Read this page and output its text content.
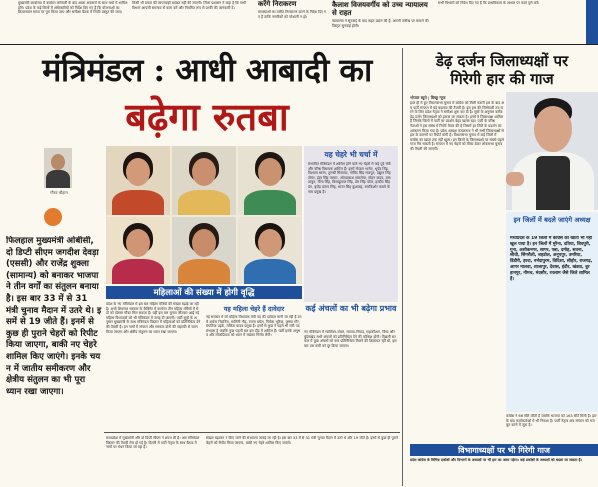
मुख्यमंत्री कार्यालय में कार्यरत कर्मचारी के बाद आला अफसरों के साथ चर्चा में शामिल होंगे। प्रदेश के कई जिलों में अधिकारियों को निर्देश दिए गए हैं कि योजनाओं का क्रियान्वयन समय पर पूरा किया जाए और समीक्षा बैठक में रिपोर्ट प्रस्तुत की जाए।
किसी भी प्रकार की लापरवाही बर्दाश्त नहीं की जाएगी। जिला प्रशासन ने कहा है कि सभी विभाग आपसी समन्वय से काम करें और नियमित रूप से प्रगति की जानकारी दें।	करेंगे निराकरण
समस्याओं का त्वरित निराकरण करने के निर्देश दिए गए हैं ताकि नागरिकों को परेशानी न हो।
कैलाश विजयवर्गीय को उच्च न्यायालय से राहत
न्यायालय ने सुनवाई के बाद राहत प्रदान की है, अगली तारीख पर मामले की विस्तृत सुनवाई होगी।
सभी विभागों को निर्देश दिए गए हैं कि प्राथमिकता के आधार पर कार्य पूर्ण करें।
मंत्रिमंडल : आधी आबादी का
बढ़ेगा रुतबा
गौरव चौहान
फिलहाल मुख्यमंत्री ओबीसी, दो डिप्टी सीएम जगदीश देवड़ा (एससी) और राजेंद्र शुक्ला (सामान्य) को बनाकर भाजपा ने तीन वर्गों का संतुलन बनाया है। इस बार 33 में से 31 मंत्री चुनाव मैदान में उतरे थे। इसमें से 19 जीते हैं। इनमें से कुछ ही पुराने चेहरों को रिपीट किया जाएगा, बाकी नए चेहरे शामिल किए जाएंगे। इनके चयन में जातीय समीकरण और क्षेत्रीय संतुलन का भी पूरा ध्यान रखा जाएगा।
यह चेहरे भी चर्चा में
संभावित मंत्रिमंडल में शामिल होने वाले नए चेहरों में कई पूर्व मंत्री और वरिष्ठ विधायक शामिल हैं। इनमें गोपाल भार्गव, भूपेंद्र सिंह, विश्वास सारंग, तुलसी सिलावट, गोविंद सिंह राजपूत, प्रद्युम्न सिंह तोमर, इंदर सिंह परमार, ओमप्रकाश सकलेचा, मोहन यादव, उषा ठाकुर, मीना सिंह, बिसाहूलाल सिंह, प्रेम सिंह पटेल, हरदीप सिंह डंग, बृजेंद्र प्रताप सिंह, भारत सिंह कुशवाह, रामकिशोर कावरे के नाम प्रमुख हैं।
महिलाओं की संख्या में होगी वृद्धि
प्रदेश के नए मंत्रिमंडल में इस बार महिला मंत्रियों की संख्या बढ़ाई जा रही है। अभी शिवराज सरकार के कैबिनेट में कार्यरत तीन महिला मंत्रियों में से दो को दोबारा मौका मिल सकता है। वहीं इस बार चुनाव जीतकर आईं नई महिला विधायकों को भी मंत्रिमंडल में जगह दी जाएगी। पार्टी सूत्रों के अनुसार मुख्यमंत्री के साथ मंत्रिमंडल विस्तार में महिलाओं को प्रतिनिधित्व देने की तैयारी है। इन नामों में संगठन और सरकार दोनों की सहमति से चयन किया जाएगा और क्षेत्रीय संतुलन का ध्यान रखा जाएगा।
यह महिला चेहरे हैं दावेदार
नई सरकार में जो महिला विधायक मंत्री पद की दावेदार मानी जा रही हैं उनमें अर्चना चिटनिस, मालिनी गौड़, रंजना बघेल, निर्मला भूरिया, कृष्णा गौर, संपतिया उइके, ललिता यादव प्रमुख हैं। इनमें से कुछ ने पहले भी मंत्री पद संभाला है जबकि कुछ पहली बार इस दौड़ में शामिल हैं। पार्टी इनके अनुभव और लोकप्रियता को ध्यान में रखकर निर्णय लेगी।
कई अंचलों का भी बढ़ेगा प्रभाव
नए मंत्रिमंडल में ग्वालियर-चंबल, मालवा-निमाड़, महाकौशल, विंध्य और बुंदेलखंड सभी अंचलों को प्रतिनिधित्व देने की कोशिश होगी। पिछली सरकार में कुछ अंचलों को कम प्रतिनिधित्व मिलने की शिकायत रही थी, इस बार उस कमी को दूर किया जाएगा।
मध्यप्रदेश में मुख्यमंत्री और दो डिप्टी सीएम ने शपथ ली है। अब मंत्रिमंडल विस्तार की तैयारी तेज हो गई है। दिल्ली में पार्टी नेतृत्व के साथ बैठक में नामों पर मंथन किया जा रहा है।
संख्या बढ़ाकर 7 किए जाने की संभावना जताई जा रही है। इस बार 33 में से 31 मंत्री चुनाव मैदान में उतरे थे और 19 जीते हैं। इनमें से कुछ ही पुराने चेहरों को रिपीट किया जाएगा, बाकी नए चेहरे शामिल किए जाएंगे।
डेढ़ दर्जन जिलाध्यक्षों पर
गिरेगी हार की गाज
भोपाल ब्यूरो | बिच्छू न्यूज
हाल ही में हुए विधानसभा चुनाव में कांग्रेस को मिली करारी हार के बाद अब पार्टी संगठन में बड़े बदलाव की तैयारी है। इस हार की जिम्मेदारी तय करने के लिए प्रदेश नेतृत्व ने समीक्षा शुरू कर दी है। सूत्रों के अनुसार करीब डेढ़ दर्जन जिलाध्यक्षों को हटाया जा सकता है। इनमें वे जिलाध्यक्ष शामिल हैं जिनके जिलों में पार्टी का प्रदर्शन बेहद खराब रहा। पार्टी के वरिष्ठ नेताओं ने इस संबंध में रिपोर्ट तैयार की है जिसमें हर जिले के प्रदर्शन का आकलन किया गया है। प्रदेश अध्यक्ष कमलनाथ ने भी सभी जिलाध्यक्षों से हार के कारणों पर रिपोर्ट मांगी है। विधानसभा चुनाव में कई जिलों में कांग्रेस का खाता तक नहीं खुला। इन जिलों के जिलाध्यक्षों पर सबसे पहले गाज गिर सकती है। संगठन में नए चेहरों को मौका देकर लोकसभा चुनाव की तैयारी की जाएगी।
इन जिलों में बदले जाएंगे अध्यक्ष
मध्यप्रदेश के 19 जिलों में कांग्रेस का खाता भी नहीं खुल पाया है। इन जिलों में मुरैना, दतिया, शिवपुरी, गुना, अशोकनगर, सागर, पन्ना, दमोह, सतना, सीधी, सिंगरौली, शहडोल, अनूपपुर, उमरिया, डिंडौरी, हरदा, नर्मदापुरम, विदिशा, सीहोर, राजगढ़, आगर मालवा, शाजापुर, देवास, इंदौर, खंडवा, बुरहानपुर, नीमच, मंदसौर, रतलाम जैसे जिले शामिल हैं।
कांग्रेस ने 66 सीटें जीती हैं जबकि भाजपा को 163 सीटें मिली हैं। हार के बाद कार्यकर्ताओं में भी निराशा है। पार्टी नेतृत्व अब संगठन को मजबूत करने में जुटा है।
विभागाध्यक्षों पर भी गिरेगी गाज
प्रदेश कांग्रेस के विभिन्न प्रकोष्ठों और विभागों के अध्यक्षों पर भी हार का असर पड़ेगा। कई प्रकोष्ठों के अध्यक्षों को बदला जा सकता है।
